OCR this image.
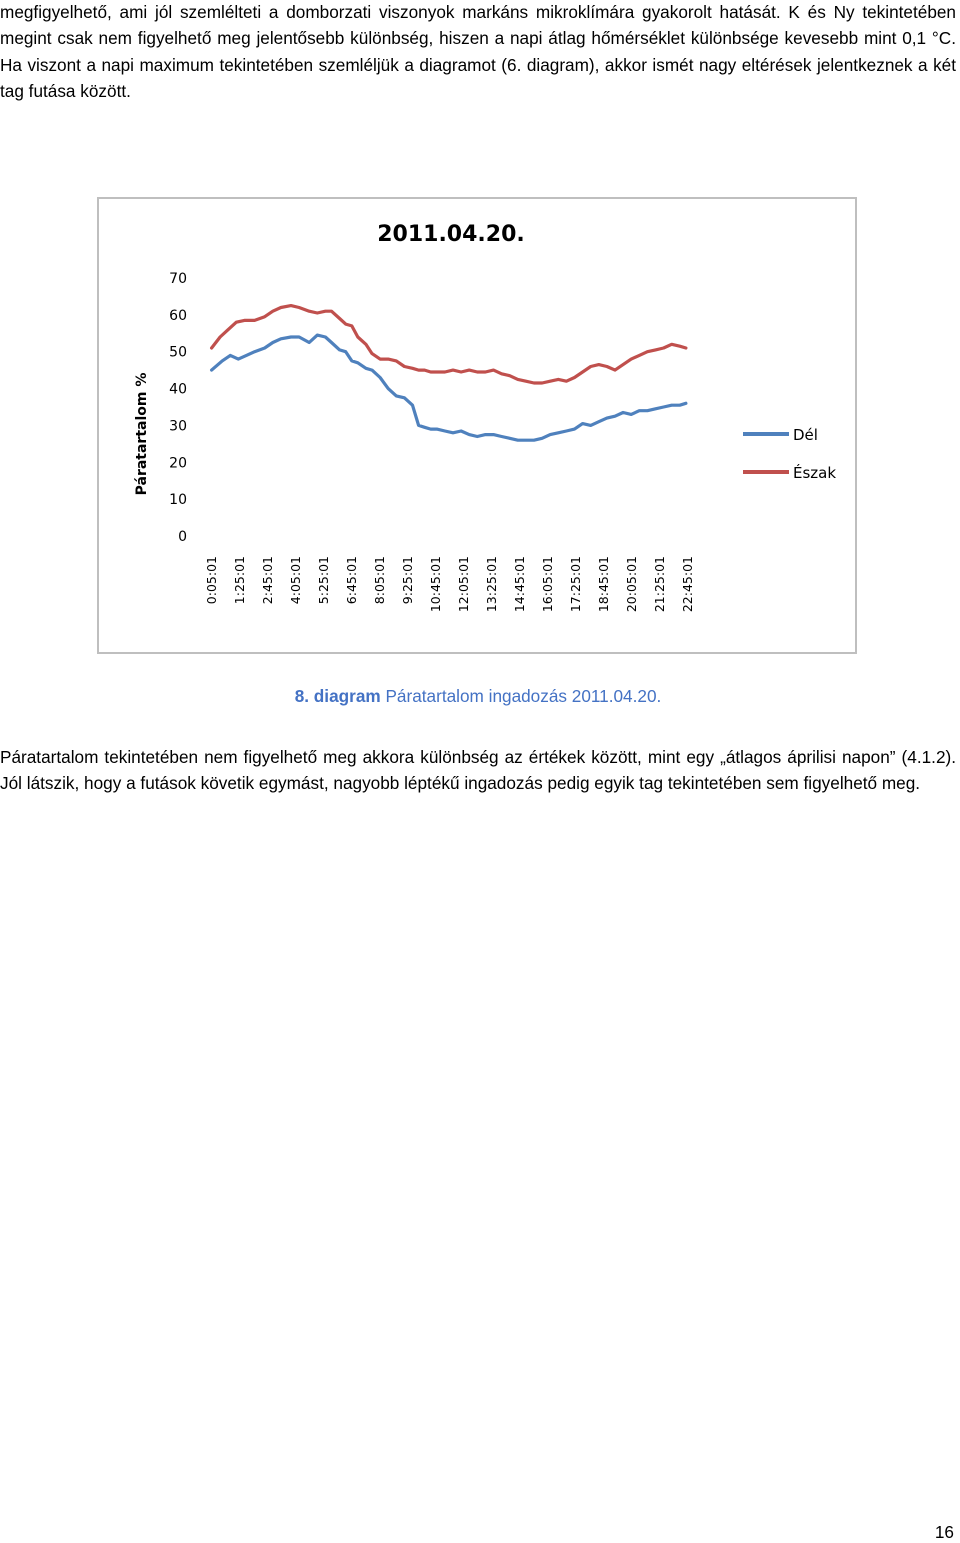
megfigyelhető, ami jól szemlélteti a domborzati viszonyok markáns mikroklímára gyakorolt hatását. K és Ny tekintetében megint csak nem figyelhető meg jelentősebb különbség, hiszen a napi átlag hőmérséklet különbsége kevesebb mint 0,1 °C. Ha viszont a napi maximum tekintetében szemléljük a diagramot (6. diagram), akkor ismét nagy eltérések jelentkeznek a két tag futása között.

2011.04.20.
0
10
20
30
40
50
60
70
Páratartalom %
0:05:01 1:25:01 2:45:01 4:05:01 5:25:01 6:45:01 8:05:01 9:25:01 10:45:01 12:05:01 13:25:01 14:45:01 16:05:01 17:25:01 18:45:01 20:05:01 21:25:01 22:45:01
Dél
Észak
8. diagram Páratartalom ingadozás 2011.04.20.

Páratartalom tekintetében nem figyelhető meg akkora különbség az értékek között, mint egy „átlagos áprilisi napon” (4.1.2). Jól látszik, hogy a futások követik egymást, nagyobb léptékű ingadozás pedig egyik tag tekintetében sem figyelhető meg.

16
